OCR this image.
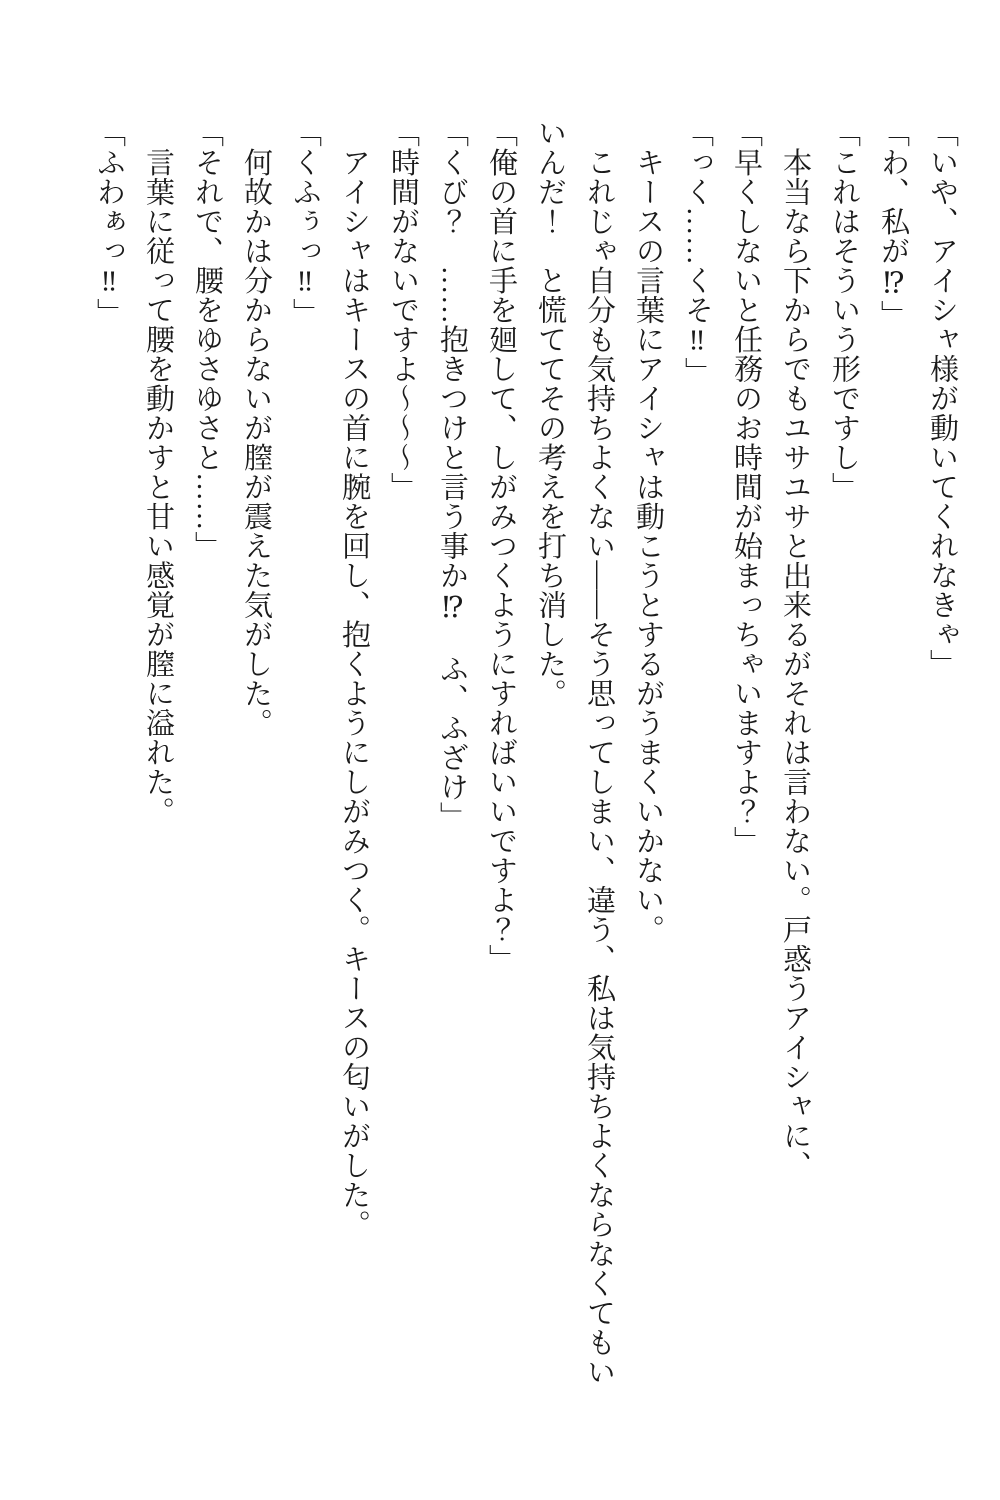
「いや、アイシャ様が動いてくれなきゃ」

「わ、私が⁉」

「これはそういう形ですし」

　本当なら下からでもユサユサと出来るがそれは言わない。戸惑うアイシャに、

「早くしないと任務のお時間が始まっちゃいますよ？」

「っく……くそ‼」

　キースの言葉にアイシャは動こうとするがうまくいかない。

　これじゃ自分も気持ちよくない――そう思ってしまい、違う、私は気持ちよくならなくてもい

いんだ！　と慌ててその考えを打ち消した。

「俺の首に手を廻して、しがみつくようにすればいいですよ？」

「くび？　……抱きつけと言う事か⁉　ふ、ふざけ」

「時間がないですよ～～～」

　アイシャはキースの首に腕を回し、抱くようにしがみつく。キースの匂いがした。

「くふぅっ‼」

　何故かは分からないが膣が震えた気がした。

「それで、腰をゆさゆさと……」

　言葉に従って腰を動かすと甘い感覚が膣に溢れた。

「ふわぁっ‼」
